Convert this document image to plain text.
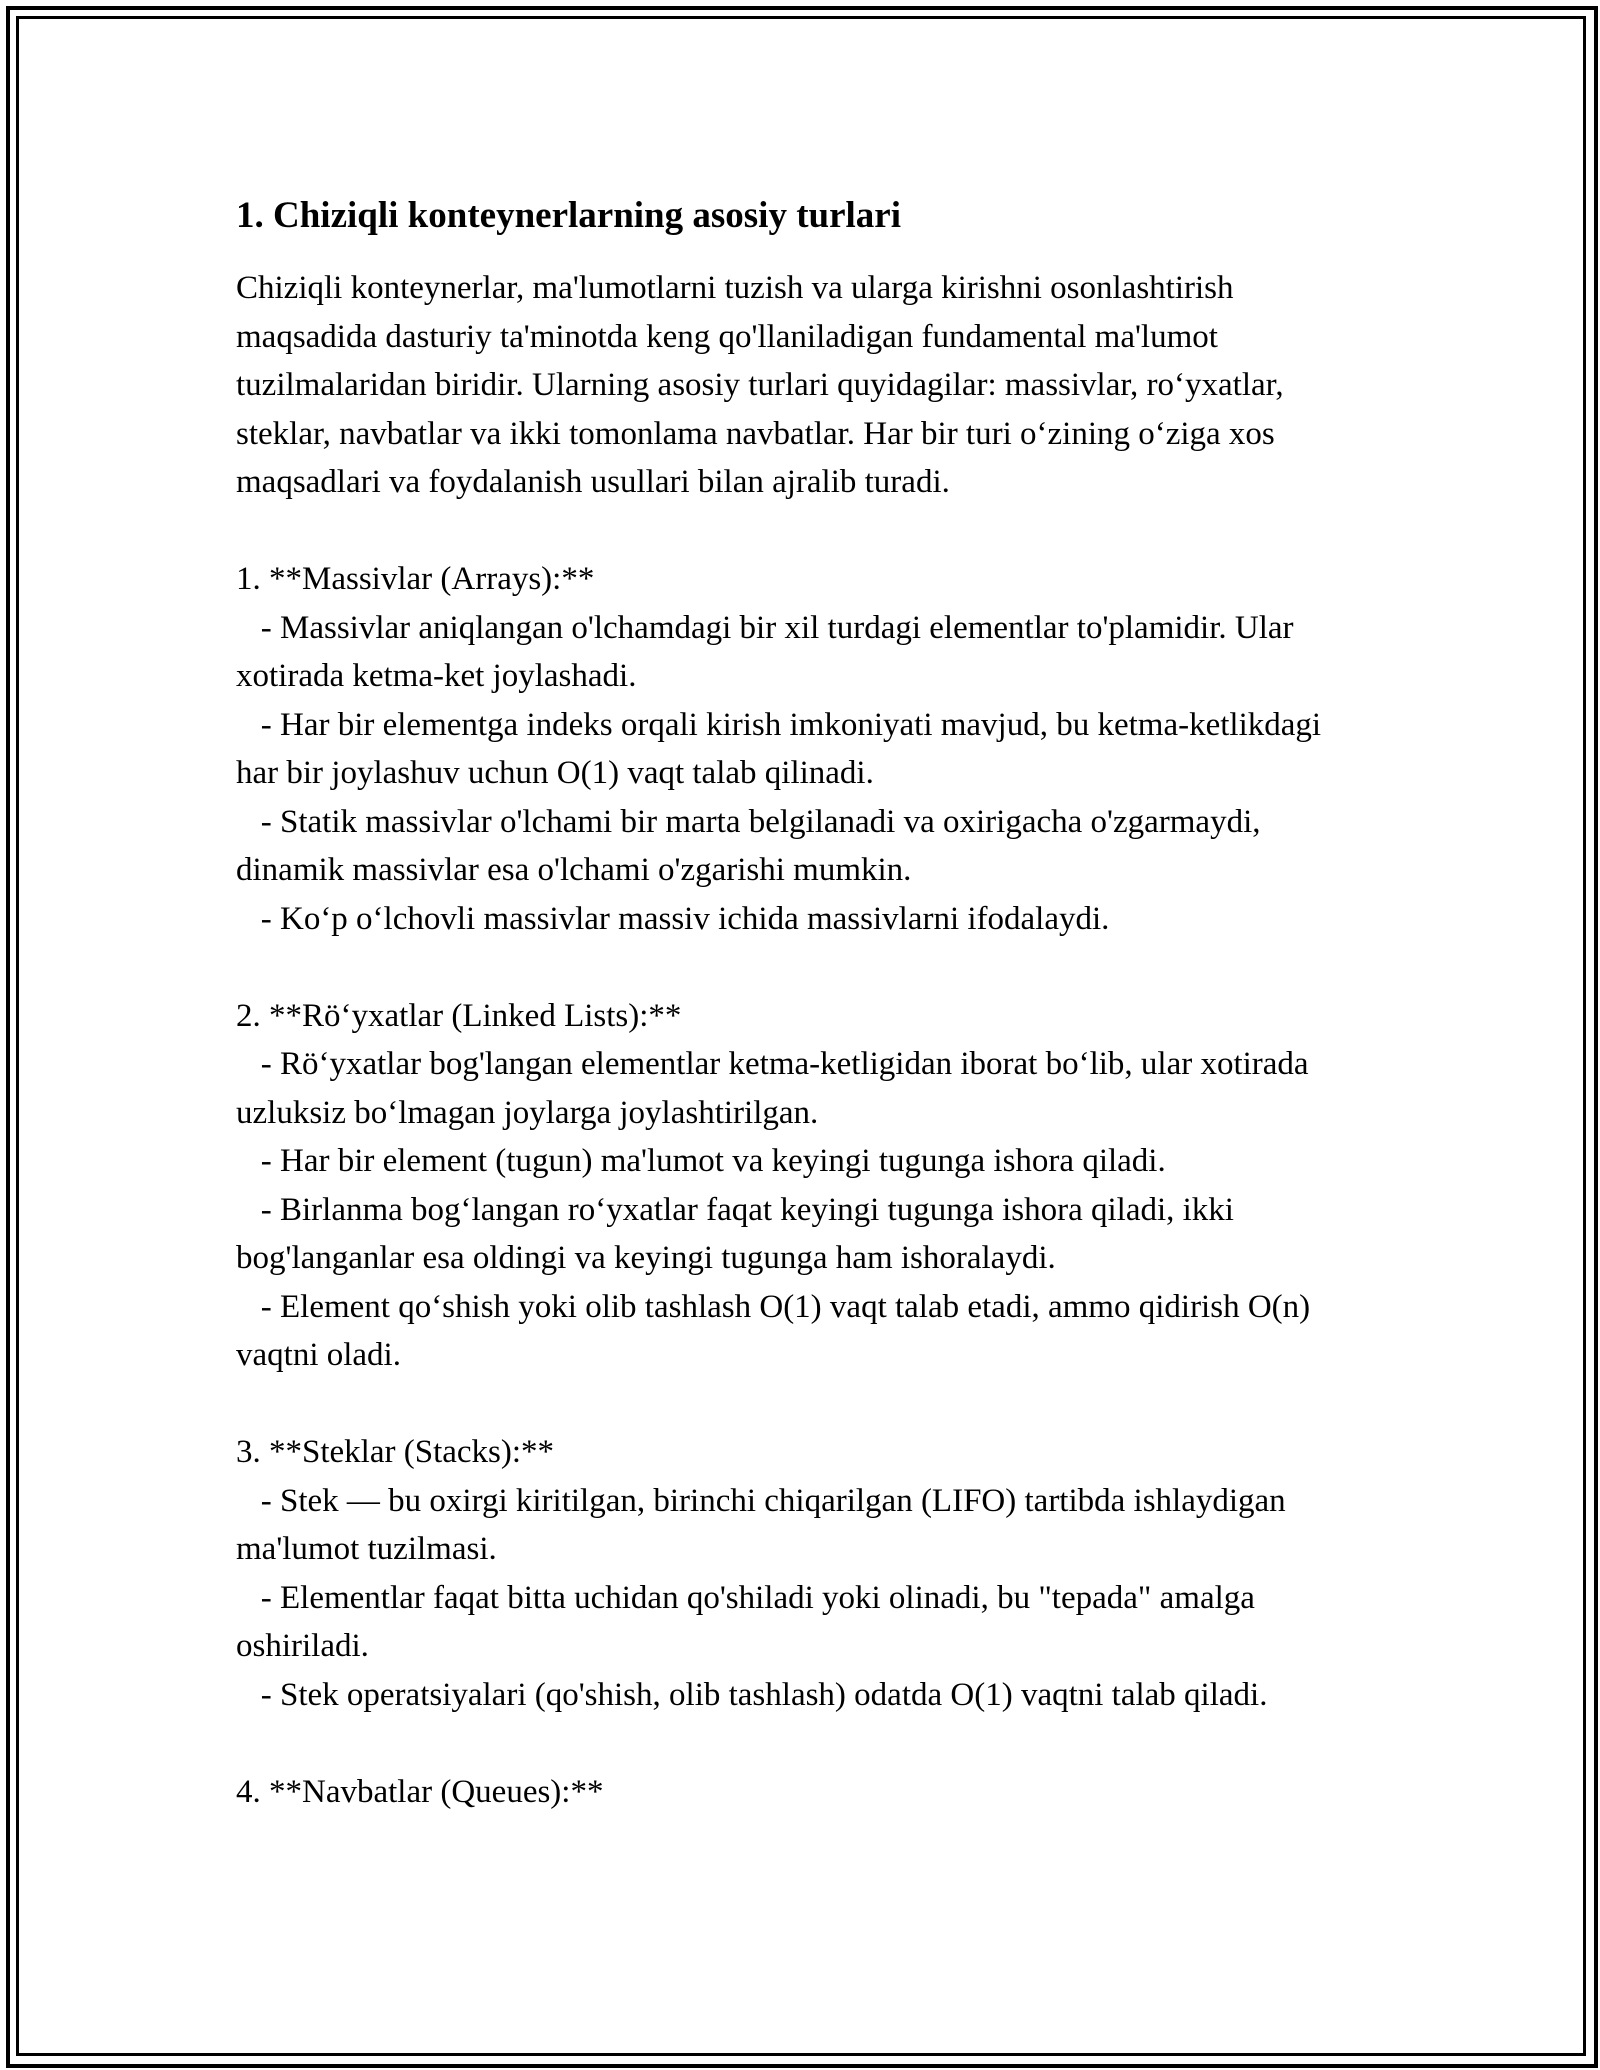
1. Chiziqli konteynerlarning asosiy turlari

Chiziqli konteynerlar, ma'lumotlarni tuzish va ularga kirishni osonlashtirish maqsadida dasturiy ta'minotda keng qo'llaniladigan fundamental ma'lumot tuzilmalaridan biridir. Ularning asosiy turlari quyidagilar: massivlar, ro‘yxatlar, steklar, navbatlar va ikki tomonlama navbatlar. Har bir turi o‘zining o‘ziga xos maqsadlari va foydalanish usullari bilan ajralib turadi.

1. **Massivlar (Arrays):**
- Massivlar aniqlangan o'lchamdagi bir xil turdagi elementlar to'plamidir. Ular xotirada ketma-ket joylashadi.
- Har bir elementga indeks orqali kirish imkoniyati mavjud, bu ketma-ketlikdagi har bir joylashuv uchun O(1) vaqt talab qilinadi.
- Statik massivlar o'lchami bir marta belgilanadi va oxirigacha o'zgarmaydi, dinamik massivlar esa o'lchami o'zgarishi mumkin.
- Ko‘p o‘lchovli massivlar massiv ichida massivlarni ifodalaydi.
2. **Rö‘yxatlar (Linked Lists):**
- Rö‘yxatlar bog'langan elementlar ketma-ketligidan iborat bo‘lib, ular xotirada uzluksiz bo‘lmagan joylarga joylashtirilgan.
- Har bir element (tugun) ma'lumot va keyingi tugunga ishora qiladi.
- Birlanma bog‘langan ro‘yxatlar faqat keyingi tugunga ishora qiladi, ikki bog'langanlar esa oldingi va keyingi tugunga ham ishoralaydi.
- Element qo‘shish yoki olib tashlash O(1) vaqt talab etadi, ammo qidirish O(n) vaqtni oladi.
3. **Steklar (Stacks):**
- Stek — bu oxirgi kiritilgan, birinchi chiqarilgan (LIFO) tartibda ishlaydigan ma'lumot tuzilmasi.
- Elementlar faqat bitta uchidan qo'shiladi yoki olinadi, bu "tepada" amalga oshiriladi.
- Stek operatsiyalari (qo'shish, olib tashlash) odatda O(1) vaqtni talab qiladi.
4. **Navbatlar (Queues):**
